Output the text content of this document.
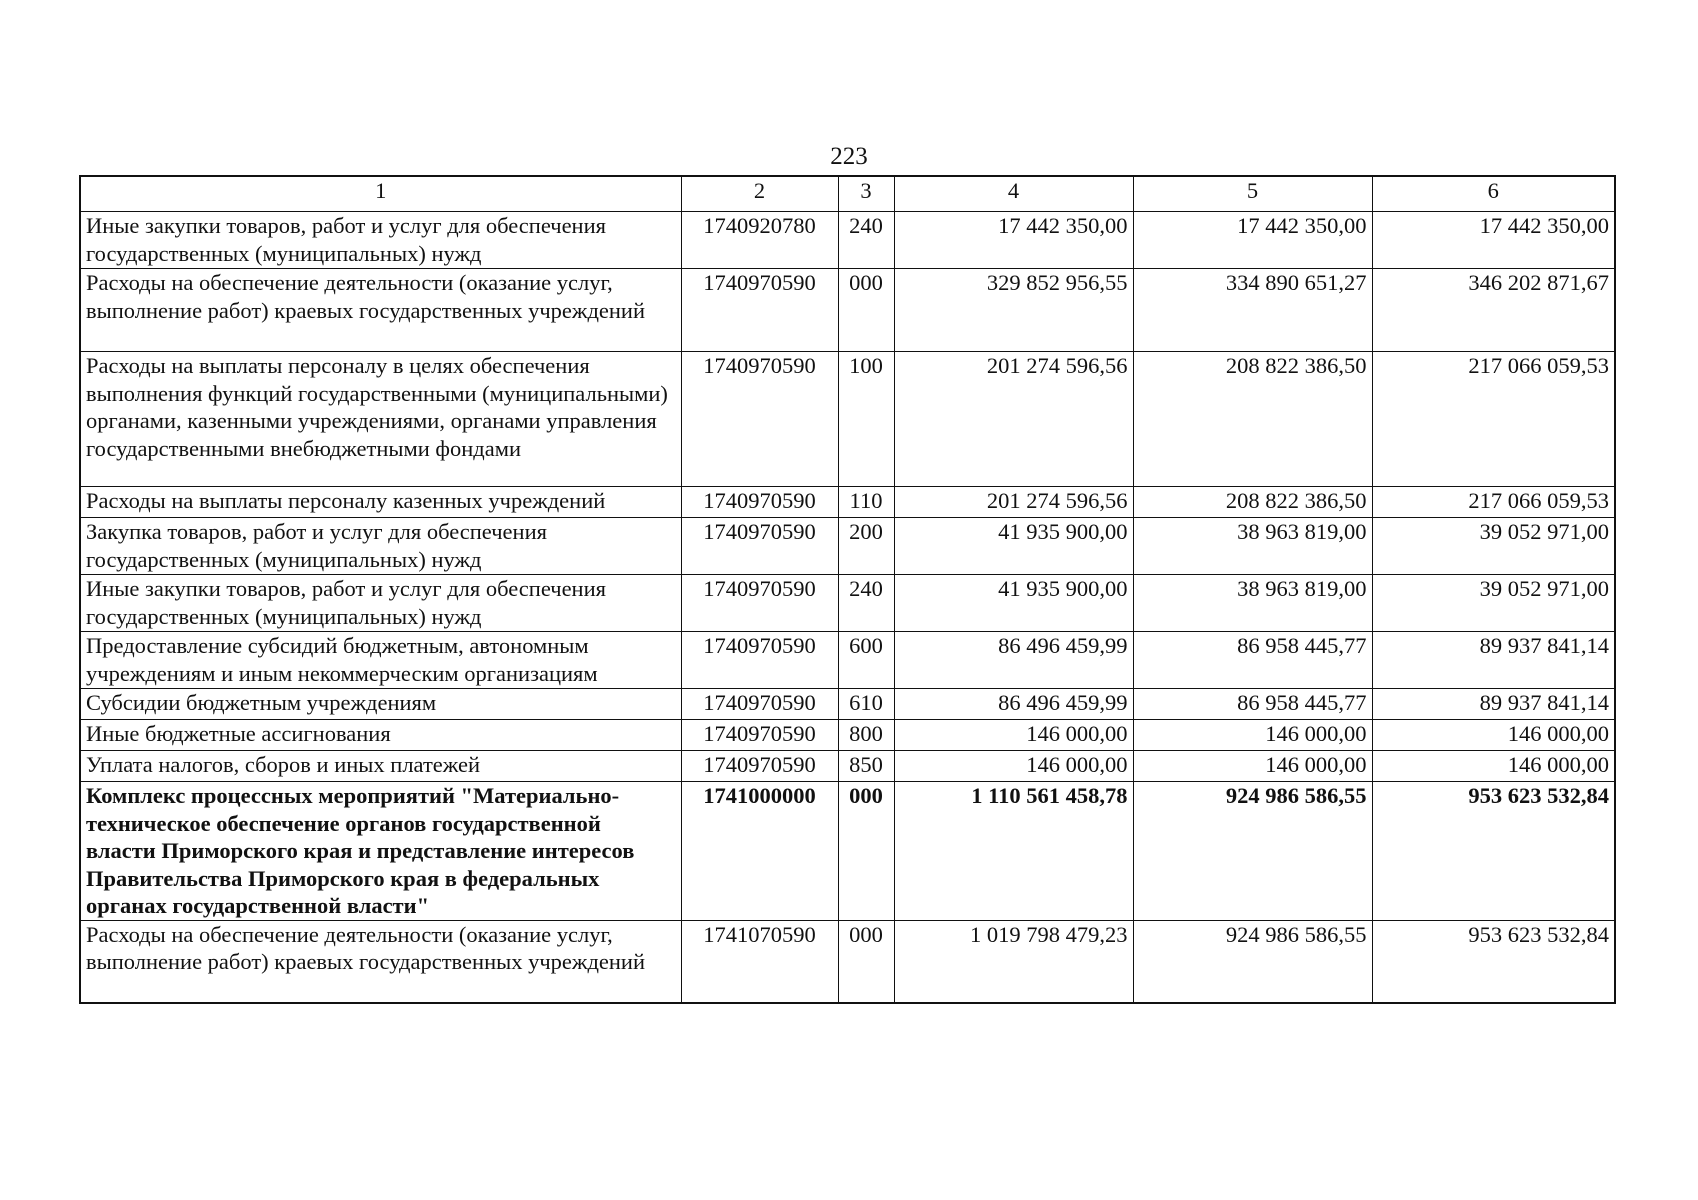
223
1	2	3	4	5	6
Иные закупки товаров, работ и услуг для обеспечения государственных (муниципальных) нужд	1740920780	240	17 442 350,00	17 442 350,00	17 442 350,00
Расходы на обеспечение деятельности (оказание услуг, выполнение работ) краевых государственных учреждений	1740970590	000	329 852 956,55	334 890 651,27	346 202 871,67
Расходы на выплаты персоналу в целях обеспечения выполнения функций государственными (муниципальными) органами, казенными учреждениями, органами управления государственными внебюджетными фондами	1740970590	100	201 274 596,56	208 822 386,50	217 066 059,53
Расходы на выплаты персоналу казенных учреждений	1740970590	110	201 274 596,56	208 822 386,50	217 066 059,53
Закупка товаров, работ и услуг для обеспечения государственных (муниципальных) нужд	1740970590	200	41 935 900,00	38 963 819,00	39 052 971,00
Иные закупки товаров, работ и услуг для обеспечения государственных (муниципальных) нужд	1740970590	240	41 935 900,00	38 963 819,00	39 052 971,00
Предоставление субсидий бюджетным, автономным учреждениям и иным некоммерческим организациям	1740970590	600	86 496 459,99	86 958 445,77	89 937 841,14
Субсидии бюджетным учреждениям	1740970590	610	86 496 459,99	86 958 445,77	89 937 841,14
Иные бюджетные ассигнования	1740970590	800	146 000,00	146 000,00	146 000,00
Уплата налогов, сборов и иных платежей	1740970590	850	146 000,00	146 000,00	146 000,00
Комплекс процессных мероприятий "Материально-техническое обеспечение органов государственной власти Приморского края и представление интересов Правительства Приморского края в федеральных органах государственной власти"	1741000000	000	1 110 561 458,78	924 986 586,55	953 623 532,84
Расходы на обеспечение деятельности (оказание услуг, выполнение работ) краевых государственных учреждений	1741070590	000	1 019 798 479,23	924 986 586,55	953 623 532,84
